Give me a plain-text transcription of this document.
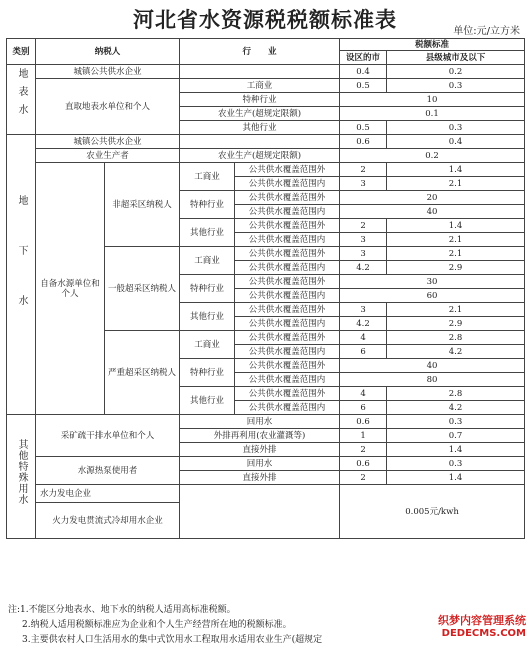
河北省水资源税税额标准表	单位:元/立方米
类别	纳税人		行　　业		税额标准	
					设区的市	县级城市及以下
地表水	城镇公共供水企业				0.4	0.2
	直取地表水单位和个人		工商业		0.5	0.3
			特种行业		10	
			农业生产(超规定限额)		0.1	
			其他行业		0.5	0.3
地下水	城镇公共供水企业				0.6	0.4
	农业生产者		农业生产(超规定限额)		0.2	
	自备水源单位和个人	非超采区纳税人	工商业	公共供水覆盖范围外	2	1.4
				公共供水覆盖范围内	3	2.1
			特种行业	公共供水覆盖范围外	20	
				公共供水覆盖范围内	40	
			其他行业	公共供水覆盖范围外	2	1.4
				公共供水覆盖范围内	3	2.1
		一般超采区纳税人	工商业	公共供水覆盖范围外	3	2.1
				公共供水覆盖范围内	4.2	2.9
			特种行业	公共供水覆盖范围外	30	
				公共供水覆盖范围内	60	
			其他行业	公共供水覆盖范围外	3	2.1
				公共供水覆盖范围内	4.2	2.9
		严重超采区纳税人	工商业	公共供水覆盖范围外	4	2.8
				公共供水覆盖范围内	6	4.2
			特种行业	公共供水覆盖范围外	40	
				公共供水覆盖范围内	80	
			其他行业	公共供水覆盖范围外	4	2.8
				公共供水覆盖范围内	6	4.2
其他特殊用水	采矿疏干排水单位和个人		回用水		0.6	0.3
			外排再利用(农业灌溉等)		1	0.7
			直接外排		2	1.4
	水源热泵使用者		回用水		0.6	0.3
			直接外排		2	1.4
	水力发电企业				0.005元/kwh	
	火力发电贯流式冷却用水企业					

注:1.不能区分地表水、地下水的纳税人适用高标准税额。
2.纳税人适用税额标准应为企业和个人生产经营所在地的税额标准。
3.主要供农村人口生活用水的集中式饮用水工程取用水适用农业生产(超规定
织梦内容管理系统
DEDECMS.COM
